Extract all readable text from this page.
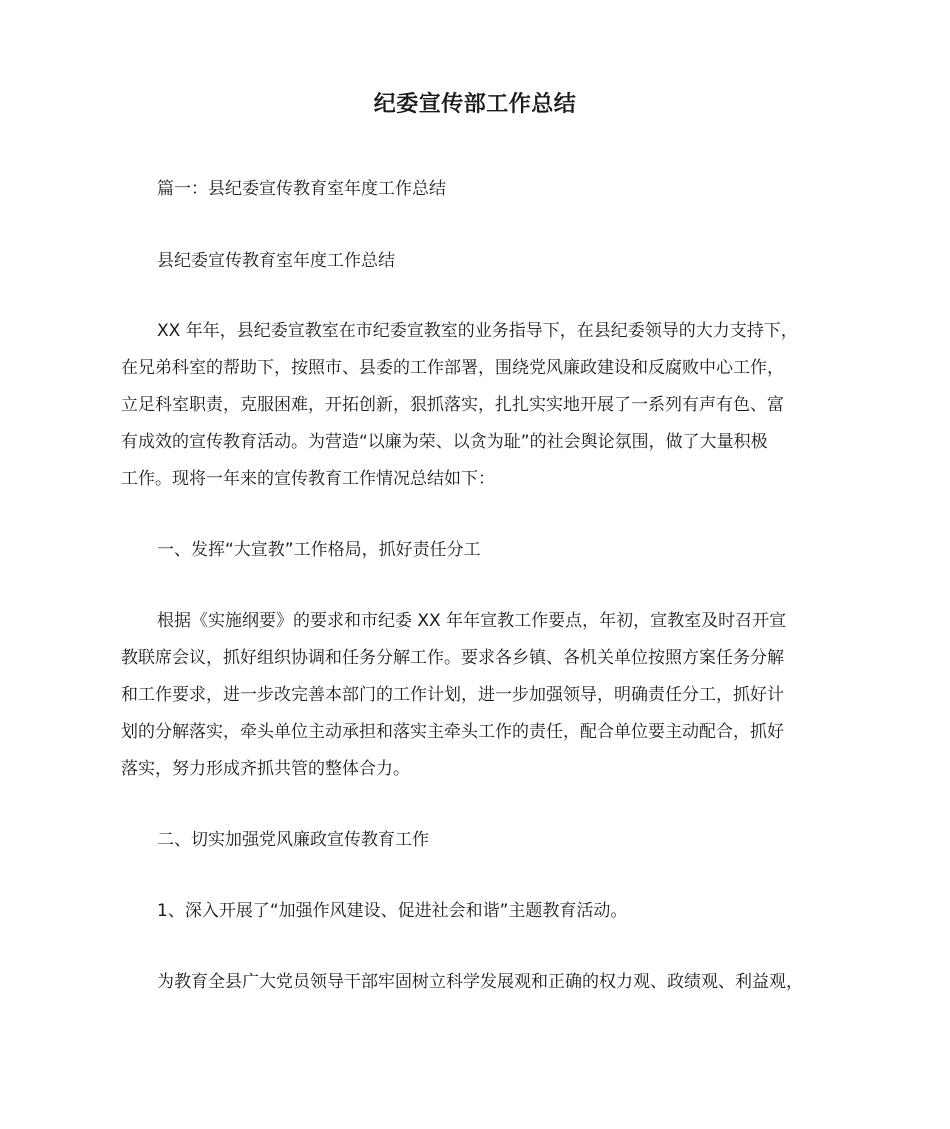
纪委宣传部工作总结
篇一：县纪委宣传教育室年度工作总结
县纪委宣传教育室年度工作总结
XX 年年，县纪委宣教室在市纪委宣教室的业务指导下，在县纪委领导的大力支持下，
在兄弟科室的帮助下，按照市、县委的工作部署，围绕党风廉政建设和反腐败中心工作，
立足科室职责，克服困难，开拓创新，狠抓落实，扎扎实实地开展了一系列有声有色、富
有成效的宣传教育活动。为营造“以廉为荣、以贪为耻”的社会舆论氛围，做了大量积极
工作。现将一年来的宣传教育工作情况总结如下：
一、发挥“大宣教”工作格局，抓好责任分工
根据《实施纲要》的要求和市纪委 XX 年年宣教工作要点，年初，宣教室及时召开宣
教联席会议，抓好组织协调和任务分解工作。要求各乡镇、各机关单位按照方案任务分解
和工作要求，进一步改完善本部门的工作计划，进一步加强领导，明确责任分工，抓好计
划的分解落实，牵头单位主动承担和落实主牵头工作的责任，配合单位要主动配合，抓好
落实，努力形成齐抓共管的整体合力。
二、切实加强党风廉政宣传教育工作
1、深入开展了“加强作风建设、促进社会和谐”主题教育活动。
为教育全县广大党员领导干部牢固树立科学发展观和正确的权力观、政绩观、利益观，
